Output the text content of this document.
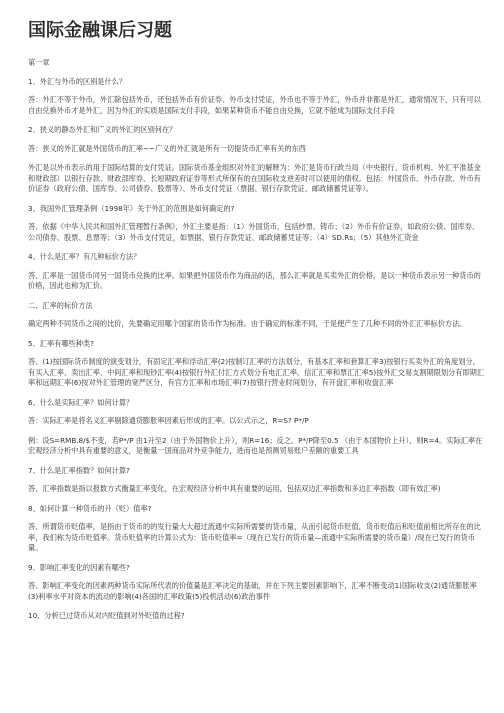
国际金融课后习题

第一章

1、外汇与外币的区别是什么？

答：外汇不等于外币，外汇除包括外币，还包括外币有价证券、外币支付凭证，外币也不等于外汇，外币并非都是外汇，通常情况下，只有可以自由兑换外币才是外汇，因为外汇的实质是国际支付手段，如果某种货币不能自由兑换，它就不能成为国际支付手段

2、狭义的静态外汇和广义的外汇的区别何在？

答：狭义的外汇就是外国货币的汇率~~广义的外汇就是所有一切提货币汇率有关的东西

外汇是以外币表示的用于国际结算的支付凭证。国际货币基金组织对外汇的解释为：外汇是货币行政当局（中央银行、货币机构、外汇平准基金和财政部）以银行存款、财政部库券、长短期政府证券等形式所保有的在国际收支逆差时可以使用的债权。包括：外国货币、外币存款、外币有价证券（政府公债、国库券、公司债券、股票等）、外币支付凭证（票据、银行存款凭证、邮政储蓄凭证等）。

3、我国外汇管理条例（1998年）关于外汇的范围是如何确定的?

答、依据《中华人民共和国外汇管理暂行条例》，外汇主要是指：（1）外国货币，包括纱票、铸币；（2）外币有价证券，如政府公债、国库券、公司债券、股票、息票等；（3）外币支付凭证，如票据、银行存款凭证、邮政储蓄凭证等；（4）SD.Rs；（5）其他外汇资金

4、什么是汇率？有几种标价方法？

答、汇率是一国货币同另一国货币兑换的比率。如果把外国货币作为商品的话，那么汇率就是买卖外汇的价格，是以一种货币表示另一种货币的价格，因此也称为汇价。

二、汇率的标价方法

确定两种不同货币之间的比价，先要确定用哪个国家的货币作为标准。由于确定的标准不同，于是便产生了几种不同的外汇汇率标价方法。

5、汇率有哪些种类?

答、(1)按国际货币制度的演变划分，有固定汇率和浮动汇率(2)按制订汇率的方法划分，有基本汇率和套算汇率3)按银行买卖外汇的角度划分，有买入汇率、卖出汇率、中间汇率和现钞汇率(4)按银行外汇付汇方式划分有电汇汇率、信汇汇率和票汇汇率5)按外汇交易支割期限划分有即期汇率和远期汇率(6)按对外汇管理的宽严区分，有官方汇率和市场汇率(7)按银行营业时间划分，有开盘汇率和收盘汇率

6、什么是实际汇率？如何计算？

答：实际汇率是将名义汇率剔除通货膨胀率因素后形成的汇率。以公式示之，R=S? P*/P

例：设S=RMB.8/$不变，若P*/P 由1升至2（由于外国物价上升），则R=16；反之，P*/P降至0.5 （由于本国物价上升），则R=4。实际汇率在宏观经济分析中具有重要的意义，是衡量一国商品对外竞争能力，进而也是预测贸易账户差额的重要工具

7、什么是汇率指数？如何计算?

答、汇率指数是指以报数方式衡量汇率变化，在宏观经济分析中具有重要的运用，包括双边汇率指数和多边汇率指数（即有效汇率)

8、如何计算一种货币的升（贬）值率?

答、所谓货币贬值率，是指由于货币的的发行量大大超过流通中实际所需要的货币量，从而引起货币贬值，货币贬值后和贬值前相比所存在的比率，我们称为货币贬值率。货币贬值率的计算公式为：货币贬值率=（现在已发行的货币量—流通中实际所需要的货币量）/现在已发行的货币量。

9、影响汇率变化的因素有哪些?

答、影响汇率变化的因素两种货币实际所代表的价值量是汇率决定的基础，并在下列主要因素影响下，汇率不断变动1)国际收支(2)通货膨胀率(3)利率水平对资本的流动的影响(4)各国的汇率政策(5)投机活动(6)政治事件

10、分析已过货币从对内贬值到对外贬值的过程?
